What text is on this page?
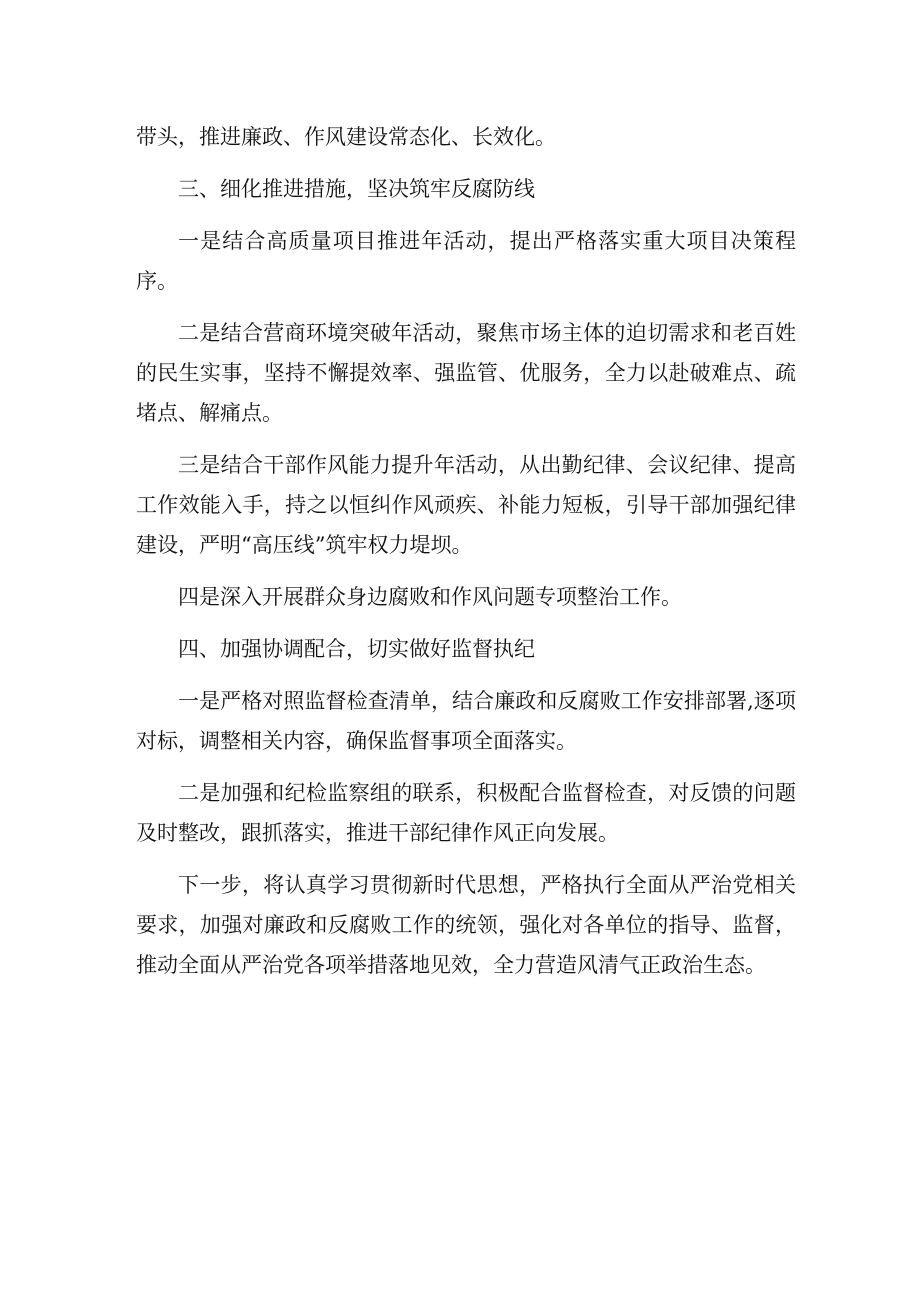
带头，推进廉政、作风建设常态化、长效化。

三、细化推进措施，坚决筑牢反腐防线

一是结合高质量项目推进年活动，提出严格落实重大项目决策程序。

二是结合营商环境突破年活动，聚焦市场主体的迫切需求和老百姓的民生实事，坚持不懈提效率、强监管、优服务，全力以赴破难点、疏堵点、解痛点。

三是结合干部作风能力提升年活动，从出勤纪律、会议纪律、提高工作效能入手，持之以恒纠作风顽疾、补能力短板，引导干部加强纪律建设，严明“高压线”筑牢权力堤坝。

四是深入开展群众身边腐败和作风问题专项整治工作。

四、加强协调配合，切实做好监督执纪

一是严格对照监督检查清单，结合廉政和反腐败工作安排部署,逐项对标，调整相关内容，确保监督事项全面落实。

二是加强和纪检监察组的联系，积极配合监督检查，对反馈的问题及时整改，跟抓落实，推进干部纪律作风正向发展。

下一步，将认真学习贯彻新时代思想，严格执行全面从严治党相关要求，加强对廉政和反腐败工作的统领，强化对各单位的指导、监督，推动全面从严治党各项举措落地见效，全力营造风清气正政治生态。
